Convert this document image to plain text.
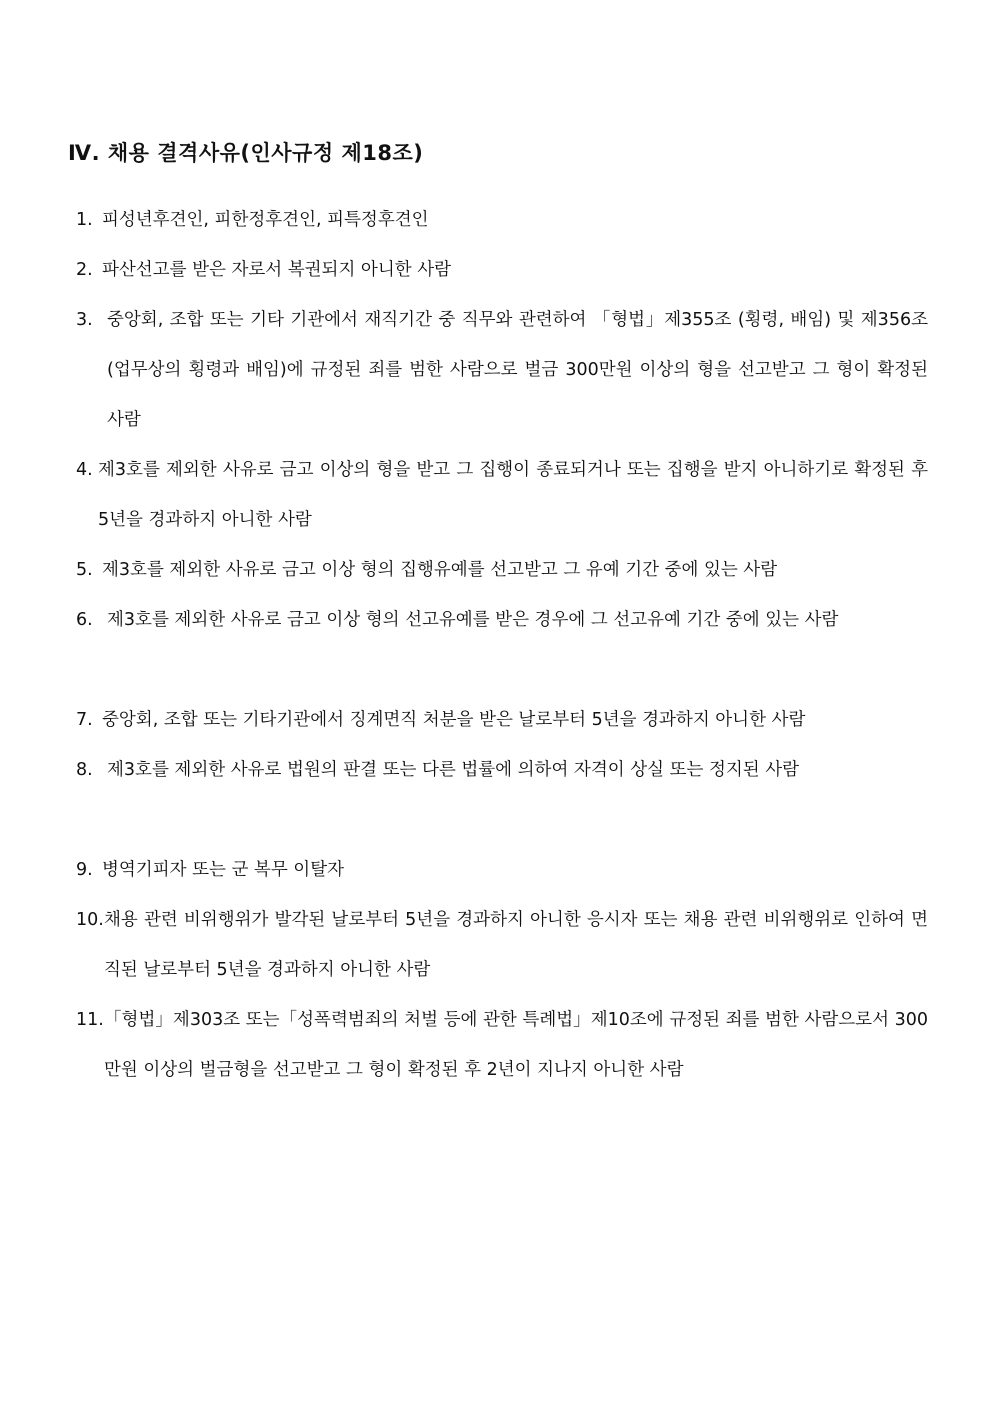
Ⅳ. 채용 결격사유(인사규정 제18조)
1. 피성년후견인, 피한정후견인, 피특정후견인
2. 파산선고를 받은 자로서 복권되지 아니한 사람
3. 중앙회, 조합 또는 기타 기관에서 재직기간 중 직무와 관련하여 「형법」제355조 (횡령, 배임) 및 제356조(업무상의 횡령과 배임)에 규정된 죄를 범한 사람으로 벌금 300만원 이상의 형을 선고받고 그 형이 확정된 사람
4. 제3호를 제외한 사유로 금고 이상의 형을 받고 그 집행이 종료되거나 또는 집행을 받지 아니하기로 확정된 후 5년을 경과하지 아니한 사람
5. 제3호를 제외한 사유로 금고 이상 형의 집행유예를 선고받고 그 유예 기간 중에 있는 사람
6. 제3호를 제외한 사유로 금고 이상 형의 선고유예를 받은 경우에 그 선고유예 기간 중에 있는 사람
7. 중앙회, 조합 또는 기타기관에서 징계면직 처분을 받은 날로부터 5년을 경과하지 아니한 사람
8. 제3호를 제외한 사유로 법원의 판결 또는 다른 법률에 의하여 자격이 상실 또는 정지된 사람
9. 병역기피자 또는 군 복무 이탈자
10. 채용 관련 비위행위가 발각된 날로부터 5년을 경과하지 아니한 응시자 또는 채용 관련 비위행위로 인하여 면직된 날로부터 5년을 경과하지 아니한 사람
11. 「형법」제303조 또는「성폭력범죄의 처벌 등에 관한 특례법」제10조에 규정된 죄를 범한 사람으로서 300만원 이상의 벌금형을 선고받고 그 형이 확정된 후 2년이 지나지 아니한 사람
